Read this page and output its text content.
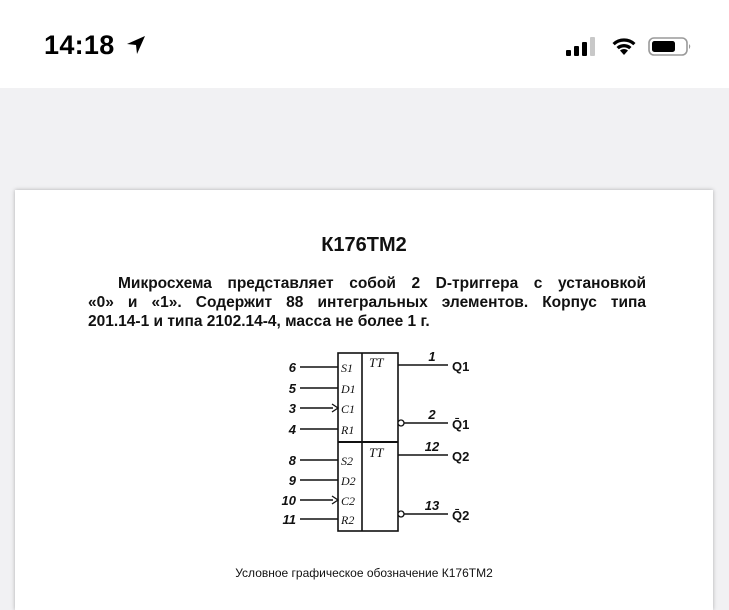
14:18
К176ТМ2
Микросхема представляет собой 2 D-триггера с установкой
«0» и «1». Содержит 88 интегральных элементов. Корпус типа
201.14-1 и типа 2102.14-4, масса не более 1 г.
TT
TT
6
5
3
4
8
9
10
11
S1
D1
C1
R1
S2
D2
C2
R2
1
2
12
13
Q1
Q̄1
Q2
Q̄2
Условное графическое обозначение К176ТМ2
